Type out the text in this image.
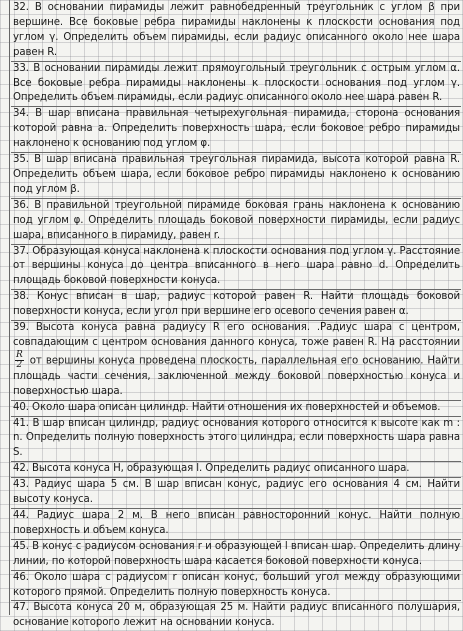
32. В основании пирамиды лежит равнобедренный треугольник с углом β при вершине. Все боковые ребра пирамиды наклонены к плоскости основания под углом γ. Определить объем пирамиды, если радиус описанного около нее шара равен R.
33. В основании пирамиды лежит прямоугольный треугольник с острым углом α. Все боковые ребра пирамиды наклонены к плоскости основания под углом γ. Определить объем пирамиды, если радиус описанного около нее шара равен R.
34. В шар вписана правильная четырехугольная пирамида, сторона основания которой равна a. Определить поверхность шара, если боковое ребро пирамиды наклонено к основанию под углом φ.
35. В шар вписана правильная треугольная пирамида, высота которой равна R. Определить объем шара, если боковое ребро пирамиды наклонено к основанию под углом β.
36. В правильной треугольной пирамиде боковая грань наклонена к основанию под углом φ. Определить площадь боковой поверхности пирамиды, если радиус шара, вписанного в пирамиду, равен r.
37. Образующая конуса наклонена к плоскости основания под углом γ. Расстояние от вершины конуса до центра вписанного в него шара равно d. Определить площадь боковой поверхности конуса.
38. Конус вписан в шар, радиус которой равен R. Найти площадь боковой поверхности конуса, если угол при вершине его осевого сечения равен α.
39. Высота конуса равна радиусу R его основания. .Радиус шара с центром, совпадающим с центром основания данного конуса, тоже равен R. На расстоянии
$\frac{R}{2}$ от вершины конуса проведена плоскость, параллельная его основанию. Найти площадь части сечения, заключенной между боковой поверхностью конуса и поверхностью шара.
40. Около шара описан цилиндр. Найти отношения их поверхностей и объемов.
41. В шар вписан цилиндр, радиус основания которого относится к высоте как m : n. Определить полную поверхность этого цилиндра, если поверхность шара равна S.
42. Высота конуса H, образующая l. Определить радиус описанного шара.
43. Радиус шара 5 см. В шар вписан конус, радиус его основания 4 см. Найти высоту конуса.
44. Радиус шара 2 м. В него вписан равносторонний конус. Найти полную поверхность и объем конуса.
45. В конус с радиусом основания r и образующей l вписан шар. Определить длину линии, по которой поверхность шара касается боковой поверхности конуса.
46. Около шара с радиусом r описан конус, больший угол между образующими которого прямой. Определить полную поверхность конуса.
47. Высота конуса 20 м, образующая 25 м. Найти радиус вписанного полушария, основание которого лежит на основании конуса.
